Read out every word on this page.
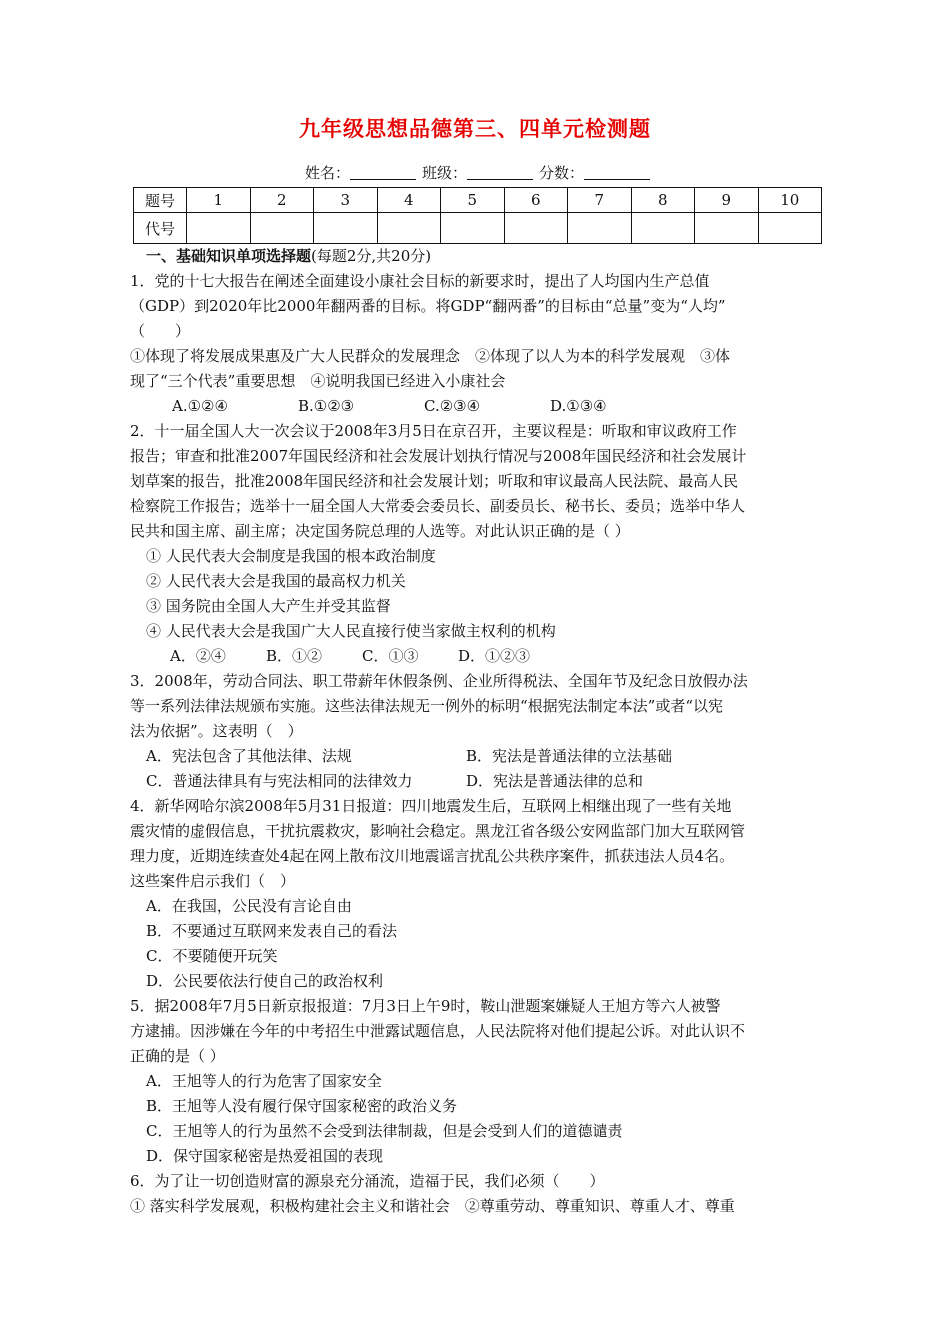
九年级思想品德第三、四单元检测题
姓名：	班级：	分数：
题号	1	2	3	4	5	6	7	8	9	10
代号										

一、基础知识单项选择题(每题2分,共20分)

1．党的十七大报告在阐述全面建设小康社会目标的新要求时，提出了人均国内生产总值

（GDP）到2020年比2000年翻两番的目标。将GDP“翻两番”的目标由“总量”变为“人均”

（　　）

①体现了将发展成果惠及广大人民群众的发展理念　②体现了以人为本的科学发展观　③体

现了“三个代表”重要思想　④说明我国已经进入小康社会

A.①②④	B.①②③	C.②③④	D.①③④

2．十一届全国人大一次会议于2008年3月5日在京召开，主要议程是：听取和审议政府工作

报告；审查和批准2007年国民经济和社会发展计划执行情况与2008年国民经济和社会发展计

划草案的报告，批准2008年国民经济和社会发展计划；听取和审议最高人民法院、最高人民

检察院工作报告；选举十一届全国人大常委会委员长、副委员长、秘书长、委员；选举中华人

民共和国主席、副主席；决定国务院总理的人选等。对此认识正确的是（ ）

① 人民代表大会制度是我国的根本政治制度

② 人民代表大会是我国的最高权力机关

③ 国务院由全国人大产生并受其监督

④ 人民代表大会是我国广大人民直接行使当家做主权利的机构

A．②④	B．①②	C．①③	D．①②③

3．2008年，劳动合同法、职工带薪年休假条例、企业所得税法、全国年节及纪念日放假办法

等一系列法律法规颁布实施。这些法律法规无一例外的标明“根据宪法制定本法”或者“以宪

法为依据”。这表明（　）

A．宪法包含了其他法律、法规	B．宪法是普通法律的立法基础

C．普通法律具有与宪法相同的法律效力	D．宪法是普通法律的总和

4．新华网哈尔滨2008年5月31日报道：四川地震发生后，互联网上相继出现了一些有关地

震灾情的虚假信息，干扰抗震救灾，影响社会稳定。黑龙江省各级公安网监部门加大互联网管

理力度，近期连续查处4起在网上散布汶川地震谣言扰乱公共秩序案件，抓获违法人员4名。

这些案件启示我们（　）

A．在我国，公民没有言论自由

B．不要通过互联网来发表自己的看法

C．不要随便开玩笑

D．公民要依法行使自己的政治权利

5．据2008年7月5日新京报报道：7月3日上午9时，鞍山泄题案嫌疑人王旭方等六人被警

方逮捕。因涉嫌在今年的中考招生中泄露试题信息，人民法院将对他们提起公诉。对此认识不

正确的是（ ）

A．王旭等人的行为危害了国家安全

B．王旭等人没有履行保守国家秘密的政治义务

C．王旭等人的行为虽然不会受到法律制裁，但是会受到人们的道德谴责

D．保守国家秘密是热爱祖国的表现

6．为了让一切创造财富的源泉充分涌流，造福于民，我们必须（　　）

① 落实科学发展观，积极构建社会主义和谐社会　②尊重劳动、尊重知识、尊重人才、尊重
